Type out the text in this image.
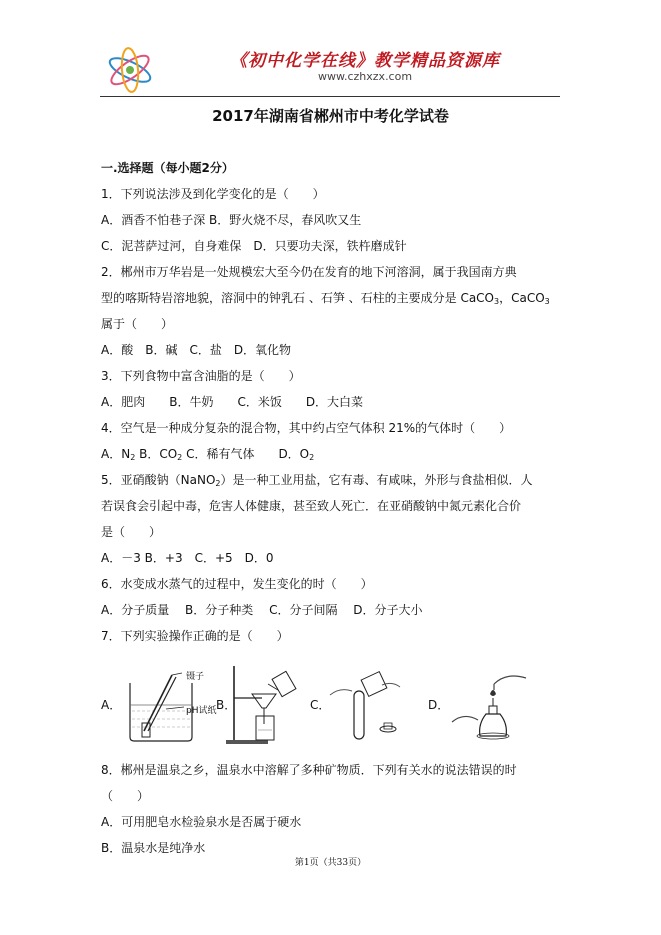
《初中化学在线》教学精品资源库
www.czhxzx.com
2017年湖南省郴州市中考化学试卷
一.选择题（每小题2分）
1．下列说法涉及到化学变化的是（　　）
A．酒香不怕巷子深 B．野火烧不尽，春风吹又生
C．泥菩萨过河，自身难保　D．只要功夫深，铁杵磨成针
2．郴州市万华岩是一处规模宏大至今仍在发育的地下河溶洞，属于我国南方典
型的喀斯特岩溶地貌，溶洞中的钟乳石 、石笋 、石柱的主要成分是 CaCO$_3$，CaCO$_3$
属于（　　）
A．酸　B．碱　C．盐　D．氧化物
3．下列食物中富含油脂的是（　　）
A．肥肉　　B．牛奶　　C．米饭　　D．大白菜
4．空气是一种成分复杂的混合物，其中约占空气体积 21%的气体时（　　）
A．$N_2$ B．$CO_2$ C．稀有气体　　D．$O_2$
5．亚硝酸钠（NaNO$_2$）是一种工业用盐，它有毒、有咸味，外形与食盐相似．人
若误食会引起中毒，危害人体健康，甚至致人死亡．在亚硝酸钠中氮元素化合价
是（　　）
A．－3 B．+3　C．+5　D．0
6．水变成水蒸气的过程中，发生变化的时（　　）
A．分子质量　 B．分子种类　 C．分子间隔　 D．分子大小
7．下列实验操作正确的是（　　）
A．
镊子
pH试纸 B．	C．	D．
8．郴州是温泉之乡，温泉水中溶解了多种矿物质．下列有关水的说法错误的时
（　　）
A．可用肥皂水检验泉水是否属于硬水
B．温泉水是纯净水
第1页（共33页）
